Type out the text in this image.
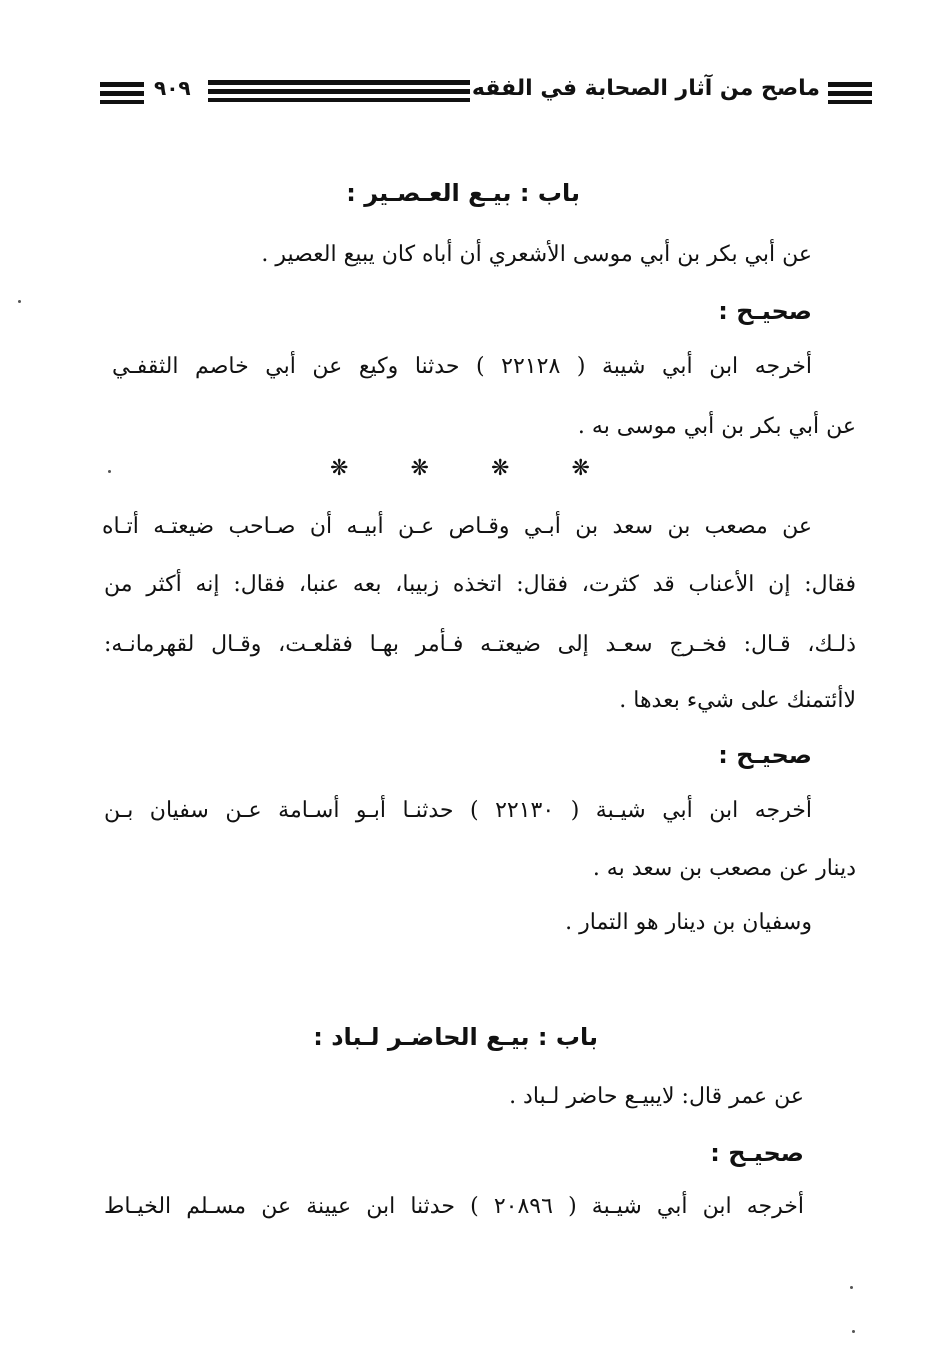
ماصح من آثار الصحابة في الفقه
٩٠٩
باب : بيـع العـصـير :
عن أبي بكر بن أبي موسى الأشعري أن أباه كان يبيع العصير .
صحيـح :
أخرجه ابن أبي شيبة ( ٢٢١٢٨ ) حدثنا وكيع عن أبي خاصم الثقفـي
عن أبي بكر بن أبي موسى به .
❋	❋	❋	❋
عن مصعب بن سعد بن أبـي وقـاص عـن أبيـه أن صـاحب ضيعتـه أتـاه
فقال: إن الأعناب قد كثرت، فقال: اتخذه زبيبا، بعه عنبا، فقال: إنه أكثر من
ذلـك، قـال: فخـرج سعـد إلى ضيعتـه فـأمر بهـا فقلعـت، وقـال لقهرمانـه:
لاأئتمنك على شيء بعدها .
صحيـح :
أخرجه ابن أبي شيـبة ( ٢٢١٣٠ ) حدثنـا أبـو أسـامة عـن سفيان بـن
دينار عن مصعب بن سعد به .
وسفيان بن دينار هو التمار .
باب : بيـع الحاضـر لـباد :
عن عمر قال: لايبيـع حاضر لـباد .
صحيـح :
أخرجه ابن أبي شيـبة ( ٢٠٨٩٦ ) حدثنا ابن عيينة عن مسـلم الخيـاط
